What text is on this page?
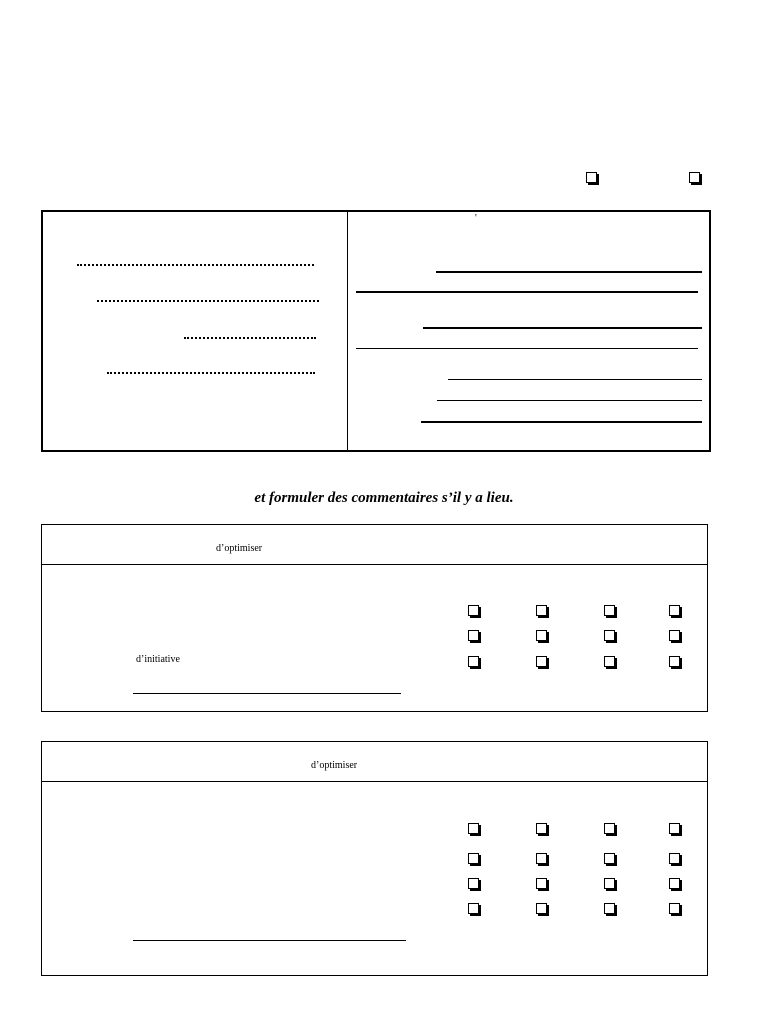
'
et formuler des commentaires s’il y a lieu.
d’optimiser
d’initiative
d’optimiser
